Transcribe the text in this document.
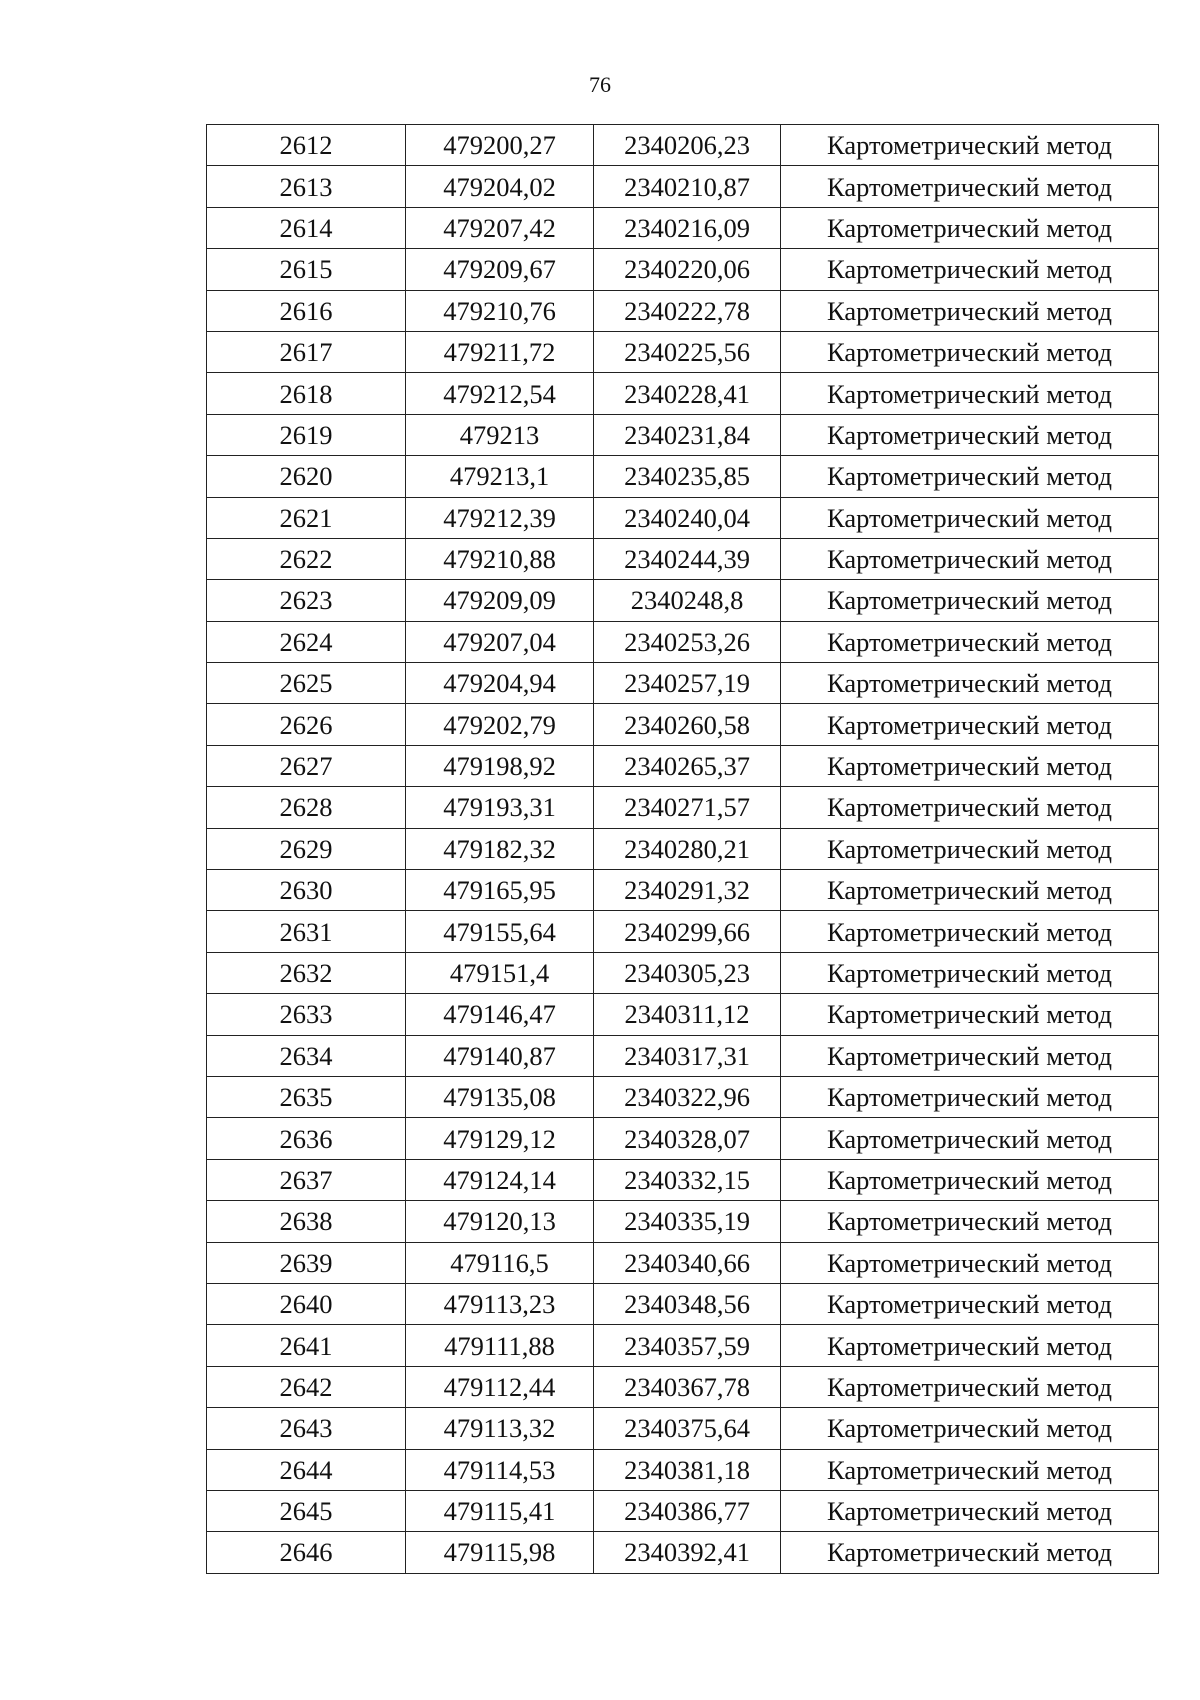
76
2612	479200,27	2340206,23	Картометрический метод
2613	479204,02	2340210,87	Картометрический метод
2614	479207,42	2340216,09	Картометрический метод
2615	479209,67	2340220,06	Картометрический метод
2616	479210,76	2340222,78	Картометрический метод
2617	479211,72	2340225,56	Картометрический метод
2618	479212,54	2340228,41	Картометрический метод
2619	479213	2340231,84	Картометрический метод
2620	479213,1	2340235,85	Картометрический метод
2621	479212,39	2340240,04	Картометрический метод
2622	479210,88	2340244,39	Картометрический метод
2623	479209,09	2340248,8	Картометрический метод
2624	479207,04	2340253,26	Картометрический метод
2625	479204,94	2340257,19	Картометрический метод
2626	479202,79	2340260,58	Картометрический метод
2627	479198,92	2340265,37	Картометрический метод
2628	479193,31	2340271,57	Картометрический метод
2629	479182,32	2340280,21	Картометрический метод
2630	479165,95	2340291,32	Картометрический метод
2631	479155,64	2340299,66	Картометрический метод
2632	479151,4	2340305,23	Картометрический метод
2633	479146,47	2340311,12	Картометрический метод
2634	479140,87	2340317,31	Картометрический метод
2635	479135,08	2340322,96	Картометрический метод
2636	479129,12	2340328,07	Картометрический метод
2637	479124,14	2340332,15	Картометрический метод
2638	479120,13	2340335,19	Картометрический метод
2639	479116,5	2340340,66	Картометрический метод
2640	479113,23	2340348,56	Картометрический метод
2641	479111,88	2340357,59	Картометрический метод
2642	479112,44	2340367,78	Картометрический метод
2643	479113,32	2340375,64	Картометрический метод
2644	479114,53	2340381,18	Картометрический метод
2645	479115,41	2340386,77	Картометрический метод
2646	479115,98	2340392,41	Картометрический метод
